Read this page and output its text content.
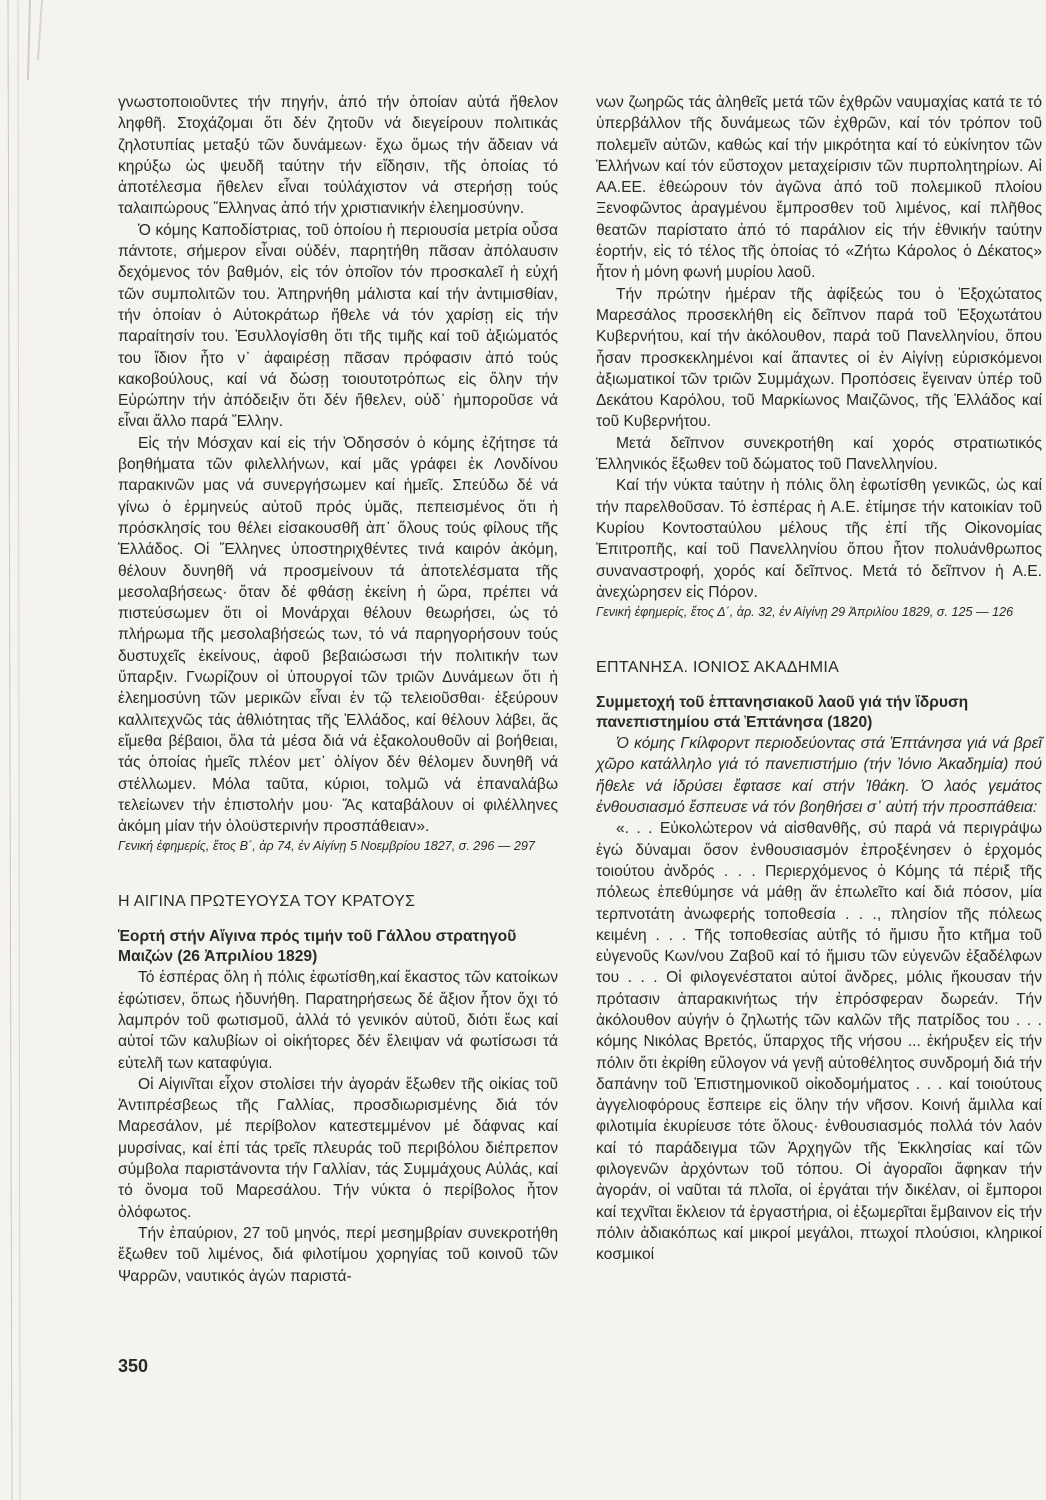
γνωστοποιοῦντες τήν πηγήν, ἀπό τήν ὁποίαν αὐτά ἤθελον ληφθῆ. Στοχάζομαι ὅτι δέν ζητοῦν νά διεγείρουν πολιτικάς ζηλοτυπίας μεταξύ τῶν δυνάμεων· ἔχω ὅμως τήν ἄδειαν νά κηρύξω ὡς ψευδῆ ταύτην τήν εἴδησιν, τῆς ὁποίας τό ἀποτέλεσμα ἤθελεν εἶναι τοὐλάχιστον νά στερήσῃ τούς ταλαιπώρους Ἕλληνας ἀπό τήν χριστιανικήν ἐλεημοσύνην.

Ὁ κόμης Καποδίστριας, τοῦ ὁποίου ἡ περιουσία μετρία οὖσα πάντοτε, σήμερον εἶναι οὐδέν, παρητήθη πᾶσαν ἀπόλαυσιν δεχόμενος τόν βαθμόν, εἰς τόν ὁποῖον τόν προσκαλεῖ ἡ εὐχή τῶν συμπολιτῶν του. Ἀπηρνήθη μάλιστα καί τήν ἀντιμισθίαν, τήν ὁποίαν ὁ Αὐτοκράτωρ ἤθελε νά τόν χαρίσῃ εἰς τήν παραίτησίν του. Ἐσυλλογίσθη ὅτι τῆς τιμῆς καί τοῦ ἀξιώματός του ἴδιον ἦτο ν᾽ ἀφαιρέσῃ πᾶσαν πρόφασιν ἀπό τούς κακοβούλους, καί νά δώσῃ τοιουτοτρόπως εἰς ὅλην τήν Εὐρώπην τήν ἀπόδειξιν ὅτι δέν ἤθελεν, οὐδ᾽ ἠμποροῦσε νά εἶναι ἄλλο παρά Ἕλλην.

Εἰς τήν Μόσχαν καί εἰς τήν Ὀδησσόν ὁ κόμης ἐζήτησε τά βοηθήματα τῶν φιλελλήνων, καί μᾶς γράφει ἐκ Λονδίνου παρακινῶν μας νά συνεργήσωμεν καί ἡμεῖς. Σπεύδω δέ νά γίνω ὁ ἑρμηνεύς αὐτοῦ πρός ὑμᾶς, πεπεισμένος ὅτι ἡ πρόσκλησίς του θέλει εἰσακουσθῆ ἀπ᾽ ὅλους τούς φίλους τῆς Ἑλλάδος. Οἱ Ἕλληνες ὑποστηριχθέντες τινά καιρόν ἀκόμη, θέλουν δυνηθῆ νά προσμείνουν τά ἀποτελέσματα τῆς μεσολαβήσεως· ὅταν δέ φθάσῃ ἐκείνη ἡ ὥρα, πρέπει νά πιστεύσωμεν ὅτι οἱ Μονάρχαι θέλουν θεωρήσει, ὡς τό πλήρωμα τῆς μεσολαβήσεώς των, τό νά παρηγορήσουν τούς δυστυχεῖς ἐκείνους, ἀφοῦ βεβαιώσωσι τήν πολιτικήν των ὕπαρξιν. Γνωρίζουν οἱ ὑπουργοί τῶν τριῶν Δυνάμεων ὅτι ἡ ἐλεημοσύνη τῶν μερικῶν εἶναι ἐν τῷ τελειοῦσθαι· ἐξεύρουν καλλιτεχνῶς τάς ἀθλιότητας τῆς Ἑλλάδος, καί θέλουν λάβει, ἄς εἴμεθα βέβαιοι, ὅλα τά μέσα διά νά ἐξακολουθοῦν αἱ βοήθειαι, τάς ὁποίας ἡμεῖς πλέον μετ᾽ ὀλίγον δέν θέλομεν δυνηθῆ νά στέλλωμεν. Μόλα ταῦτα, κύριοι, τολμῶ νά ἐπαναλάβω τελείωνεν τήν ἐπιστολήν μου· Ἄς καταβάλουν οἱ φιλέλληνες ἀκόμη μίαν τήν ὁλοϋστερινήν προσπάθειαν».

Γενική ἐφημερίς, ἔτος Β΄, ἀρ 74, ἐν Αἰγίνῃ 5 Νοεμβρίου 1827, σ. 296 — 297

Η ΑΙΓΙΝΑ ΠΡΩΤΕΥΟΥΣΑ ΤΟΥ ΚΡΑΤΟΥΣ
Ἑορτή στήν Αἴγινα πρός τιμήν τοῦ Γάλλου στρατηγοῦ Μαιζών (26 Ἀπριλίου 1829)

Τό ἑσπέρας ὅλη ἡ πόλις ἐφωτίσθη,καί ἕκαστος τῶν κατοίκων ἐφώτισεν, ὅπως ἠδυνήθη. Παρατηρήσεως δέ ἄξιον ἦτον ὄχι τό λαμπρόν τοῦ φωτισμοῦ, ἀλλά τό γενικόν αὐτοῦ, διότι ἕως καί αὐτοί τῶν καλυβίων οἱ οἰκήτορες δέν ἔλειψαν νά φωτίσωσι τά εὐτελῆ των καταφύγια.

Οἱ Αἰγινῖται εἶχον στολίσει τήν ἀγοράν ἔξωθεν τῆς οἰκίας τοῦ Ἀντιπρέσβεως τῆς Γαλλίας, προσδιωρισμένης διά τόν Μαρεσάλον, μέ περίβολον κατεστεμμένον μέ δάφνας καί μυρσίνας, καί ἐπί τάς τρεῖς πλευράς τοῦ περιβόλου διέπρεπον σύμβολα παριστάνοντα τήν Γαλλίαν, τάς Συμμάχους Αὐλάς, καί τό ὄνομα τοῦ Μαρεσάλου. Τήν νύκτα ὁ περίβολος ἦτον ὁλόφωτος.

Τήν ἐπαύριον, 27 τοῦ μηνός, περί μεσημβρίαν συνεκροτήθη ἔξωθεν τοῦ λιμένος, διά φιλοτίμου χορηγίας τοῦ κοινοῦ τῶν Ψαρρῶν, ναυτικός ἀγών παριστά-

νων ζωηρῶς τάς ἀληθεῖς μετά τῶν ἐχθρῶν ναυμαχίας κατά τε τό ὑπερβάλλον τῆς δυνάμεως τῶν ἐχθρῶν, καί τόν τρόπον τοῦ πολεμεῖν αὐτῶν, καθώς καί τήν μικρότητα καί τό εὐκίνητον τῶν Ἑλλήνων καί τόν εὔστοχον μεταχείρισιν τῶν πυρπολητηρίων. Αἱ ΑΑ.ΕΕ. ἐθεώρουν τόν ἀγῶνα ἀπό τοῦ πολεμικοῦ πλοίου Ξενοφῶντος ἀραγμένου ἔμπροσθεν τοῦ λιμένος, καί πλῆθος θεατῶν παρίστατο ἀπό τό παράλιον εἰς τήν ἐθνικήν ταύτην ἑορτήν, εἰς τό τέλος τῆς ὁποίας τό «Ζήτω Κάρολος ὁ Δέκατος» ἦτον ἡ μόνη φωνή μυρίου λαοῦ.

Τήν πρώτην ἡμέραν τῆς ἀφίξεώς του ὁ Ἐξοχώτατος Μαρεσάλος προσεκλήθη εἰς δεῖπνον παρά τοῦ Ἐξοχωτάτου Κυβερνήτου, καί τήν ἀκόλουθον, παρά τοῦ Πανελληνίου, ὅπου ἦσαν προσκεκλημένοι καί ἅπαντες οἱ ἐν Αἰγίνῃ εὑρισκόμενοι ἀξιωματικοί τῶν τριῶν Συμμάχων. Προπόσεις ἔγειναν ὑπέρ τοῦ Δεκάτου Καρόλου, τοῦ Μαρκίωνος Μαιζῶνος, τῆς Ἑλλάδος καί τοῦ Κυβερνήτου.

Μετά δεῖπνον συνεκροτήθη καί χορός στρατιωτικός Ἑλληνικός ἔξωθεν τοῦ δώματος τοῦ Πανελληνίου.

Καί τήν νύκτα ταύτην ἡ πόλις ὅλη ἐφωτίσθη γενικῶς, ὡς καί τήν παρελθοῦσαν. Τό ἑσπέρας ἡ Α.Ε. ἐτίμησε τήν κατοικίαν τοῦ Κυρίου Κοντοσταύλου μέλους τῆς ἐπί τῆς Οἰκονομίας Ἐπιτροπῆς, καί τοῦ Πανελληνίου ὅπου ἦτον πολυάνθρωπος συναναστροφή, χορός καί δεῖπνος. Μετά τό δεῖπνον ἡ Α.Ε. ἀνεχώρησεν εἰς Πόρον.

Γενική ἐφημερίς, ἔτος Δ΄, ἀρ. 32, ἐν Αἰγίνῃ 29 Ἀπριλίου 1829, σ. 125 — 126

ΕΠΤΑΝΗΣΑ. ΙΟΝΙΟΣ ΑΚΑΔΗΜΙΑ
Συμμετοχή τοῦ ἑπτανησιακοῦ λαοῦ γιά τήν ἵδρυση πανεπιστημίου στά Ἑπτάνησα (1820)

Ὁ κόμης Γκίλφορντ περιοδεύοντας στά Ἑπτάνησα γιά νά βρεῖ χῶρο κατάλληλο γιά τό πανεπιστήμιο (τήν Ἰόνιο Ἀκαδημία) πού ἤθελε νά ἱδρύσει ἔφτασε καί στήν Ἰθάκη. Ὁ λαός γεμάτος ἐνθουσιασμό ἔσπευσε νά τόν βοηθήσει σ᾽ αὐτή τήν προσπάθεια:

«. . . Εὐκολώτερον νά αἰσθανθῆς, σύ παρά νά περιγράψω ἐγώ δύναμαι ὅσον ἐνθουσιασμόν ἐπροξένησεν ὁ ἐρχομός τοιούτου ἀνδρός . . . Περιερχόμενος ὁ Κόμης τά πέριξ τῆς πόλεως ἐπεθύμησε νά μάθῃ ἄν ἐπωλεῖτο καί διά πόσον, μία τερπνοτάτη ἀνωφερής τοποθεσία . . ., πλησίον τῆς πόλεως κειμένη . . . Τῆς τοποθεσίας αὐτῆς τό ἥμισυ ἦτο κτῆμα τοῦ εὐγενοῦς Κων/νου Ζαβοῦ καί τό ἥμισυ τῶν εὐγενῶν ἐξαδέλφων του . . . Οἱ φιλογενέστατοι αὐτοί ἄνδρες, μόλις ἤκουσαν τήν πρότασιν ἀπαρακινήτως τήν ἐπρόσφεραν δωρεάν. Τήν ἀκόλουθον αὐγήν ὁ ζηλωτής τῶν καλῶν τῆς πατρίδος του . . . κόμης Νικόλας Βρετός, ὕπαρχος τῆς νήσου ... ἐκήρυξεν εἰς τήν πόλιν ὅτι ἐκρίθη εὔλογον νά γενῇ αὐτοθέλητος συνδρομή διά τήν δαπάνην τοῦ Ἐπιστημονικοῦ οἰκοδομήματος . . . καί τοιούτους ἀγγελιοφόρους ἔσπειρε εἰς ὅλην τήν νῆσον. Κοινή ἅμιλλα καί φιλοτιμία ἐκυρίευσε τότε ὅλους· ἐνθουσιασμός πολλά τόν λαόν καί τό παράδειγμα τῶν Ἀρχηγῶν τῆς Ἐκκλησίας καί τῶν φιλογενῶν ἀρχόντων τοῦ τόπου. Οἱ ἀγοραῖοι ἄφηκαν τήν ἀγοράν, οἱ ναῦται τά πλοῖα, οἱ ἐργάται τήν δικέλαν, οἱ ἔμποροι καί τεχνῖται ἔκλειον τά ἐργαστήρια, οἱ ἐξωμερῖται ἔμβαινον εἰς τήν πόλιν ἀδιακόπως καί μικροί μεγάλοι, πτωχοί πλούσιοι, κληρικοί κοσμικοί

350
